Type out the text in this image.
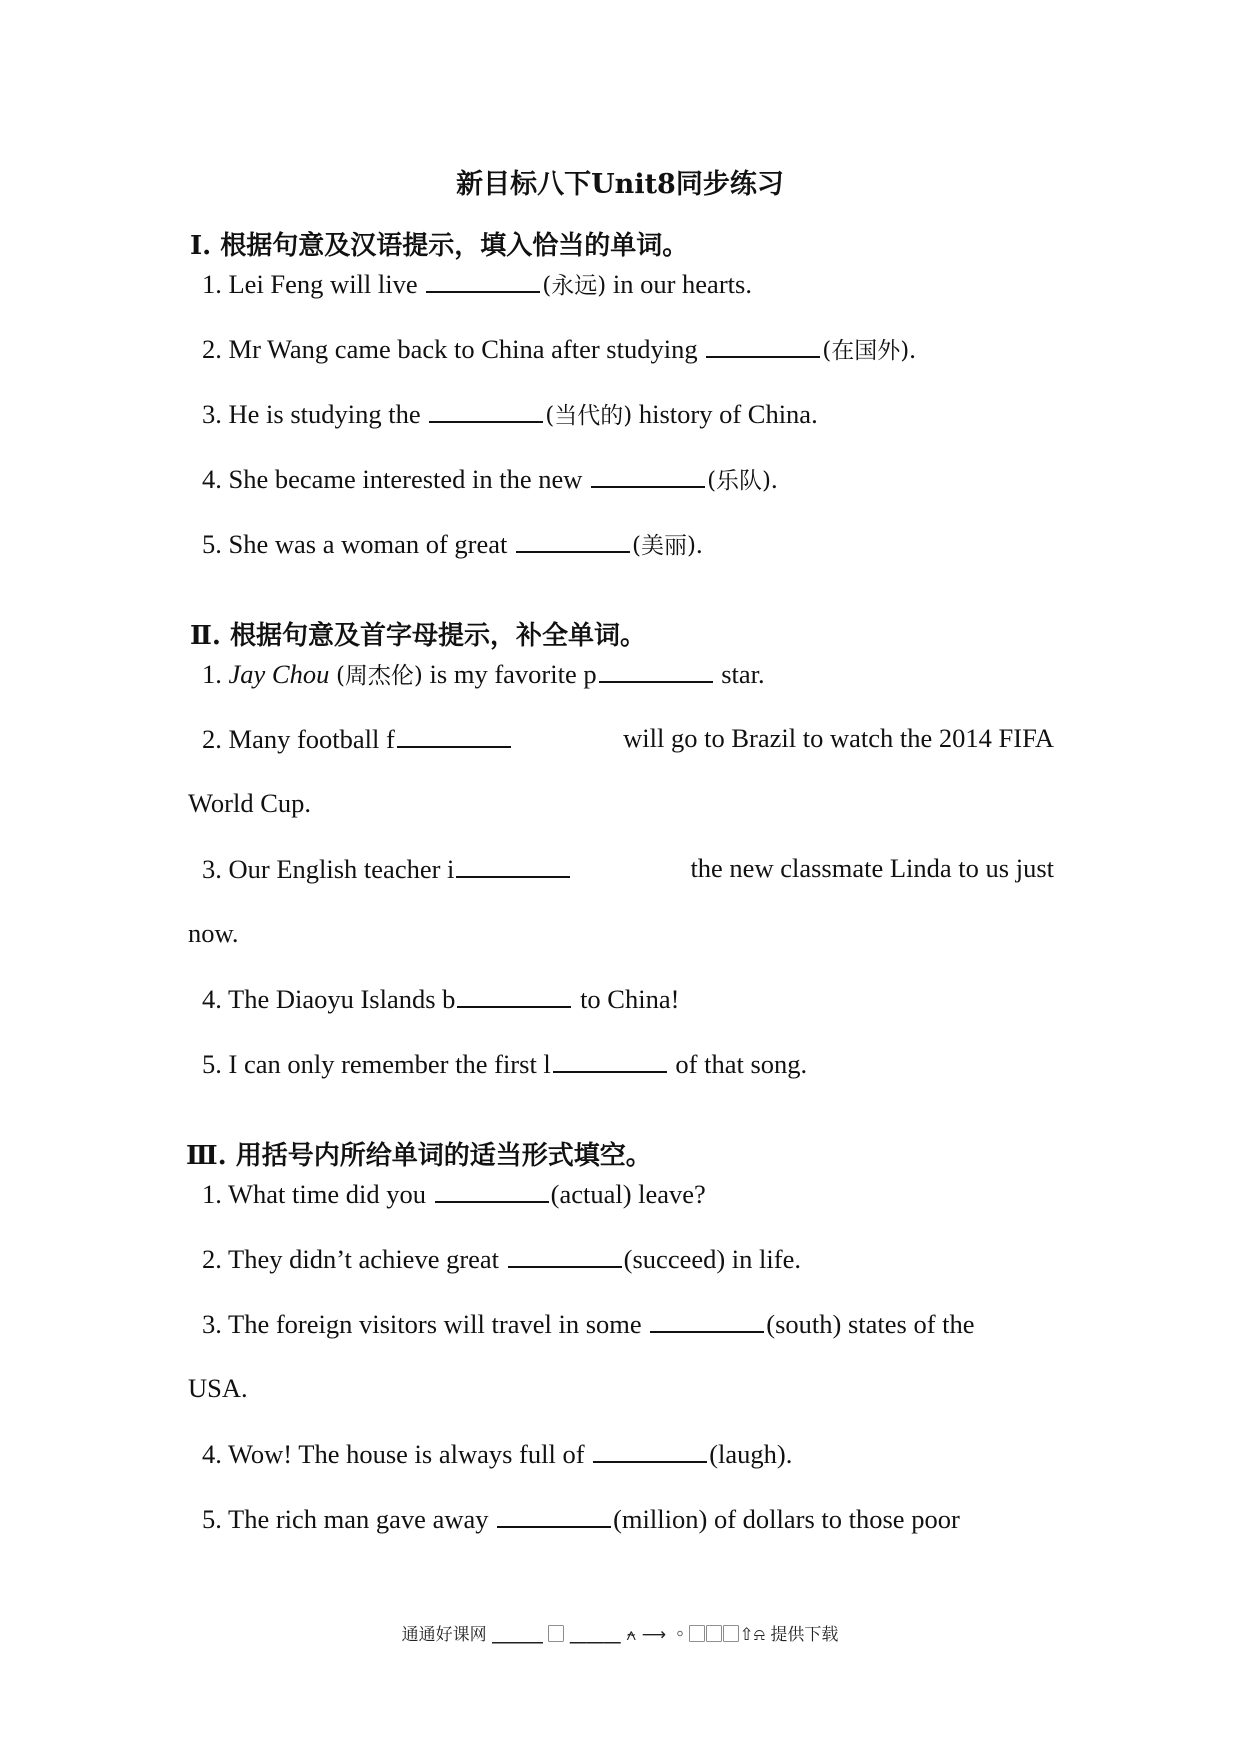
新目标八下Unit8同步练习
Ⅰ. 根据句意及汉语提示，填入恰当的单词。
1. Lei Feng will live	(永远) in our hearts.
2. Mr Wang came back to China after studying	(在国外).
3. He is studying the	(当代的) history of China.
4. She became interested in the new	(乐队).
5. She was a woman of great	(美丽).
Ⅱ. 根据句意及首字母提示，补全单词。
1. Jay Chou (周杰伦) is my favorite p	star.
2. Many football f	will go to Brazil to watch the 2014 FIFA
World Cup.
3. Our English teacher i	the new classmate Linda to us just
now.
4. The Diaoyu Islands b	to China!
5. I can only remember the first l	of that song.
Ⅲ. 用括号内所给单词的适当形式填空。
1. What time did you	(actual) leave?
2. They didn’t achieve great	(succeed) in life.
3. The foreign visitors will travel in some	(south) states of the
USA.
4. Wow! The house is always full of	(laugh).
5. The rich man gave away	(million) of dollars to those poor
通通好课网 ⎽⎽⎽ ⃞ ⎽⎽⎽ ⍲ ⟶ ◦⃞⃞⃞⇧⍾ 提供下载
